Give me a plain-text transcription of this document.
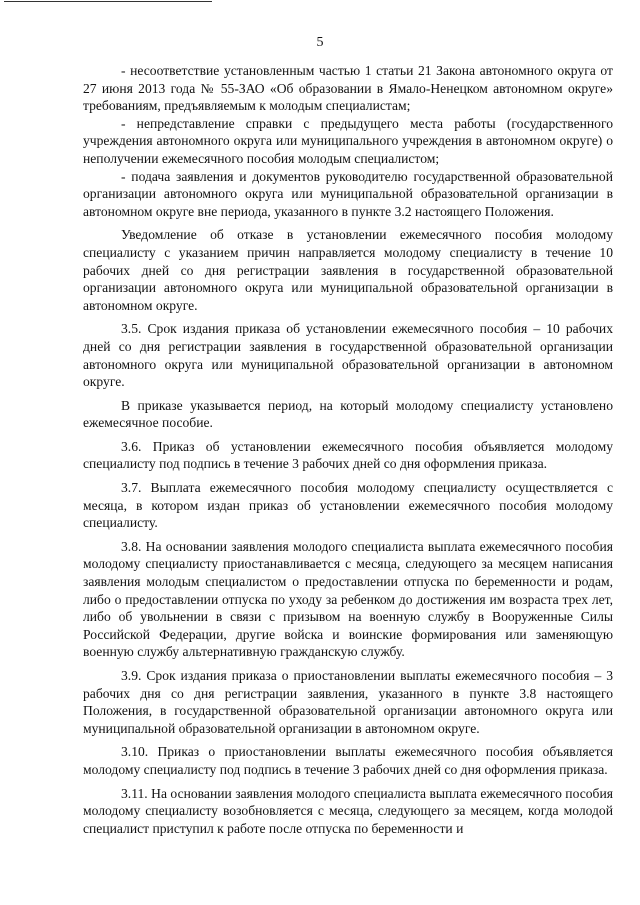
5

- несоответствие установленным частью 1 статьи 21 Закона автономного округа от 27 июня 2013 года № 55-ЗАО «Об образовании в Ямало-Ненецком автономном округе» требованиям, предъявляемым к молодым специалистам;

- непредставление справки с предыдущего места работы (государственного учреждения автономного округа или муниципального учреждения в автономном округе) о неполучении ежемесячного пособия молодым специалистом;

- подача заявления и документов руководителю государственной образовательной организации автономного округа или муниципальной образовательной организации в автономном округе вне периода, указанного в пункте 3.2 настоящего Положения.

Уведомление об отказе в установлении ежемесячного пособия молодому специалисту с указанием причин направляется молодому специалисту в течение 10 рабочих дней со дня регистрации заявления в государственной образовательной организации автономного округа или муниципальной образовательной организации в автономном округе.

3.5. Срок издания приказа об установлении ежемесячного пособия – 10 рабочих дней со дня регистрации заявления в государственной образовательной организации автономного округа или муниципальной образовательной организации в автономном округе.

В приказе указывается период, на который молодому специалисту установлено ежемесячное пособие.

3.6. Приказ об установлении ежемесячного пособия объявляется молодому специалисту под подпись в течение 3 рабочих дней со дня оформления приказа.

3.7. Выплата ежемесячного пособия молодому специалисту осуществляется с месяца, в котором издан приказ об установлении ежемесячного пособия молодому специалисту.

3.8. На основании заявления молодого специалиста выплата ежемесячного пособия молодому специалисту приостанавливается с месяца, следующего за месяцем написания заявления молодым специалистом о предоставлении отпуска по беременности и родам, либо о предоставлении отпуска по уходу за ребенком до достижения им возраста трех лет, либо об увольнении в связи с призывом на военную службу в Вооруженные Силы Российской Федерации, другие войска и воинские формирования или заменяющую военную службу альтернативную гражданскую службу.

3.9. Срок издания приказа о приостановлении выплаты ежемесячного пособия – 3 рабочих дня со дня регистрации заявления, указанного в пункте 3.8 настоящего Положения, в государственной образовательной организации автономного округа или муниципальной образовательной организации в автономном округе.

3.10. Приказ о приостановлении выплаты ежемесячного пособия объявляется молодому специалисту под подпись в течение 3 рабочих дней со дня оформления приказа.

3.11. На основании заявления молодого специалиста выплата ежемесячного пособия молодому специалисту возобновляется с месяца, следующего за месяцем, когда молодой специалист приступил к работе после отпуска по беременности и
